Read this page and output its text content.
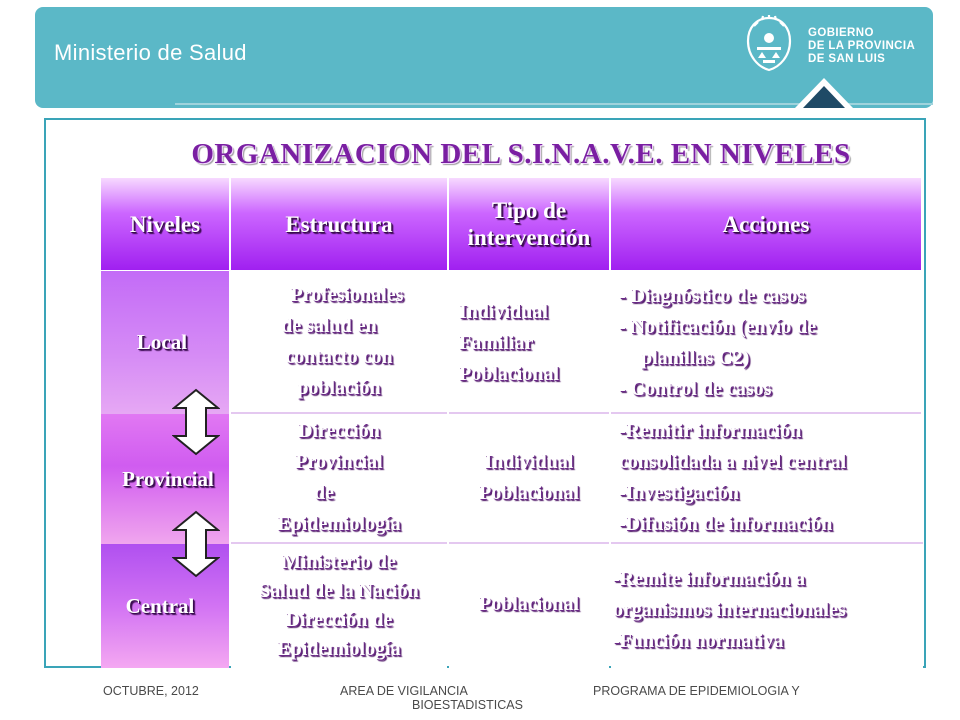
Ministerio de Salud
GOBIERNO
DE LA PROVINCIA
DE SAN LUIS
ORGANIZACION DEL S.I.N.A.V.E. EN NIVELES
Niveles	Estructura
Tipo de
intervención
Acciones
Local
Provincial
Central
Profesionales
de salud en
contacto con
población
Individual
Familiar
Poblacional
- Diagnóstico de casos
- Notificación (envío de
planillas C2)
- Control de casos
Dirección
Provincial
de
Epidemiología
Individual
Poblacional
-Remitir información
consolidada a nivel central
-Investigación
-Difusión de información
Ministerio de
Salud de la Nación
Dirección de
Epidemiología
Poblacional
-Remite información a
organismos internacionales
-Función normativa
OCTUBRE, 2012	AREA DE VIGILANCIA
BIOESTADISTICAS
PROGRAMA DE EPIDEMIOLOGIA Y
